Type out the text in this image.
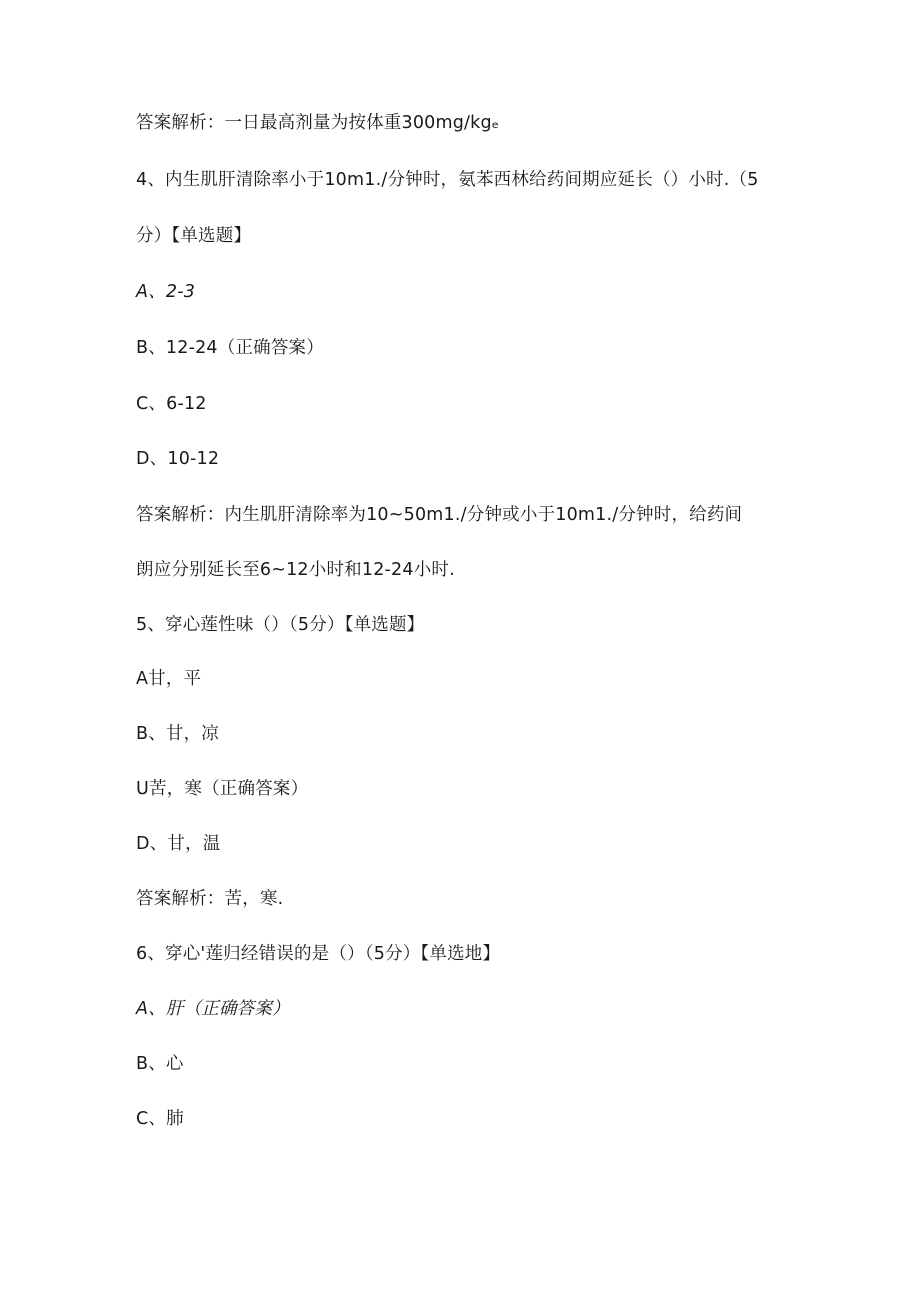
答案解析：一日最高剂量为按体重300mg∕kgₑ
4、内生肌肝清除率小于10m1./分钟时，氨苯西林给药间期应延长（）小时.（5
分）【单选题】
A、2-3
B、12-24（正确答案）
C、6-12
D、10-12
答案解析：内生肌肝清除率为10~50m1./分钟或小于10m1./分钟时，给药间
朗应分别延长至6~12小时和12-24小时.
5、穿心莲性味（）（5分）【单选题】
A甘，平
B、甘，凉
U苦，寒（正确答案）
D、甘，温
答案解析：苦，寒.
6、穿心'莲归经错误的是（）（5分）【单选地】
A、肝（正确答案）
B、心
C、肺
